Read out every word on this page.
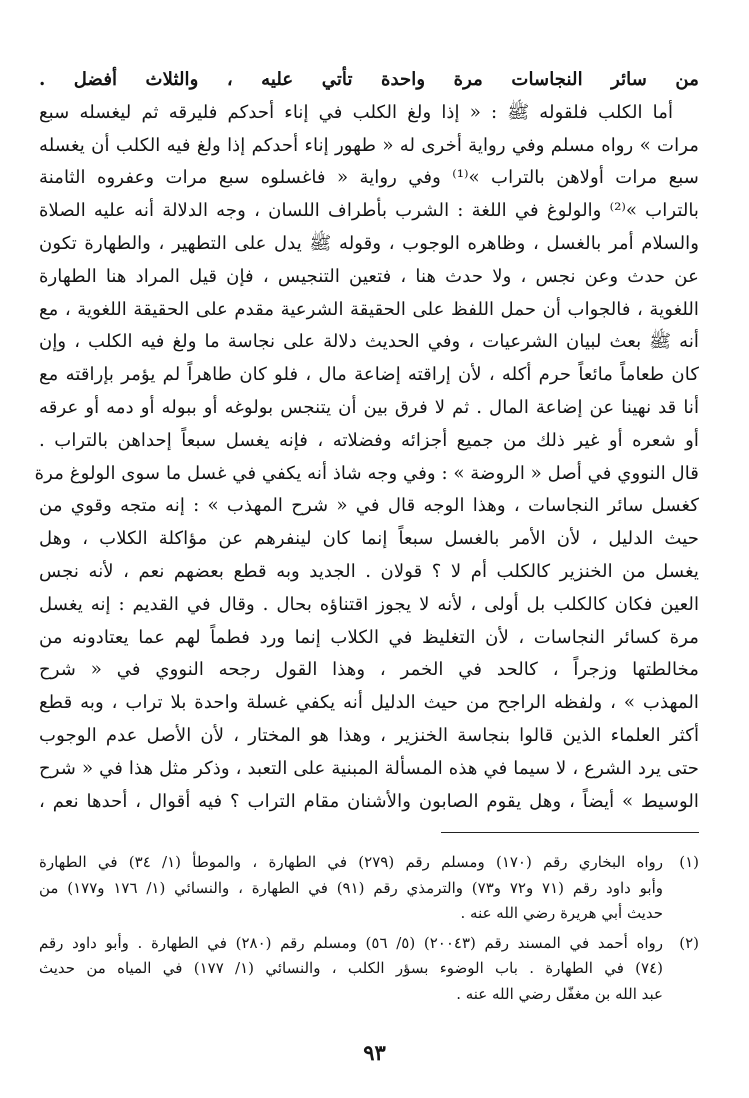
من سائر النجاسات مرة واحدة تأتي عليه ، والثلاث أفضل .
أما الكلب فلقوله ﷺ : « إذا ولغ الكلب في إناء أحدكم فليرقه ثم ليغسله سبع
مرات » رواه مسلم وفي رواية أخرى له « طهور إناء أحدكم إذا ولغ فيه الكلب أن يغسله
سبع مرات أولاهن بالتراب »⁽¹⁾ وفي رواية « فاغسلوه سبع مرات وعفروه الثامنة
بالتراب »⁽²⁾ والولوغ في اللغة : الشرب بأطراف اللسان ، وجه الدلالة أنه عليه الصلاة
والسلام أمر بالغسل ، وظاهره الوجوب ، وقوله ﷺ يدل على التطهير ، والطهارة تكون
عن حدث وعن نجس ، ولا حدث هنا ، فتعين التنجيس ، فإن قيل المراد هنا الطهارة
اللغوية ، فالجواب أن حمل اللفظ على الحقيقة الشرعية مقدم على الحقيقة اللغوية ، مع
أنه ﷺ بعث لبيان الشرعيات ، وفي الحديث دلالة على نجاسة ما ولغ فيه الكلب ، وإن
كان طعاماً مائعاً حرم أكله ، لأن إراقته إضاعة مال ، فلو كان طاهراً لم يؤمر بإراقته مع
أنا قد نهينا عن إضاعة المال . ثم لا فرق بين أن يتنجس بولوغه أو ببوله أو دمه أو عرقه
أو شعره أو غير ذلك من جميع أجزائه وفضلاته ، فإنه يغسل سبعاً إحداهن بالتراب .
قال النووي في أصل « الروضة » : وفي وجه شاذ أنه يكفي في غسل ما سوى الولوغ مرة
كغسل سائر النجاسات ، وهذا الوجه قال في « شرح المهذب » : إنه متجه وقوي من
حيث الدليل ، لأن الأمر بالغسل سبعاً إنما كان لينفرهم عن مؤاكلة الكلاب ، وهل
يغسل من الخنزير كالكلب أم لا ؟ قولان . الجديد وبه قطع بعضهم نعم ، لأنه نجس
العين فكان كالكلب بل أولى ، لأنه لا يجوز اقتناؤه بحال . وقال في القديم : إنه يغسل
مرة كسائر النجاسات ، لأن التغليظ في الكلاب إنما ورد فطماً لهم عما يعتادونه من
مخالطتها وزجراً ، كالحد في الخمر ، وهذا القول رجحه النووي في « شرح
المهذب » ، ولفظه الراجح من حيث الدليل أنه يكفي غسلة واحدة بلا تراب ، وبه قطع
أكثر العلماء الذين قالوا بنجاسة الخنزير ، وهذا هو المختار ، لأن الأصل عدم الوجوب
حتى يرد الشرع ، لا سيما في هذه المسألة المبنية على التعبد ، وذكر مثل هذا في « شرح
الوسيط » أيضاً ، وهل يقوم الصابون والأشنان مقام التراب ؟ فيه أقوال ، أحدها نعم ،
(١)
رواه البخاري رقم (١٧٠) ومسلم رقم (٢٧٩) في الطهارة ، والموطأ (١/ ٣٤) في الطهارة
وأبو داود رقم (٧١ و٧٢ و٧٣) والترمذي رقم (٩١) في الطهارة ، والنسائي (١/ ١٧٦ و١٧٧) من
حديث أبي هريرة رضي الله عنه .
(٢)
رواه أحمد في المسند رقم (٢٠٠٤٣) (٥/ ٥٦) ومسلم رقم (٢٨٠) في الطهارة . وأبو داود رقم
(٧٤) في الطهارة . باب الوضوء بسؤر الكلب ، والنسائي (١/ ١٧٧) في المياه من حديث
عبد الله بن مغفّل رضي الله عنه .
٩٣
